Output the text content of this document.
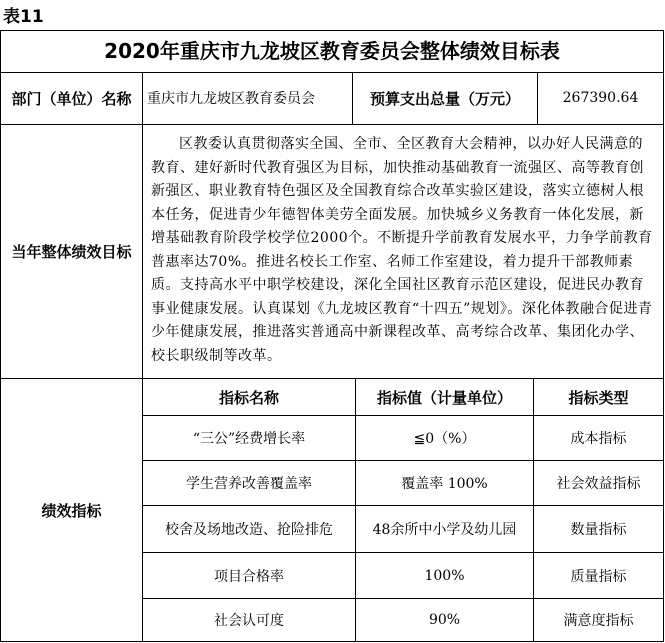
表11
2020年重庆市九龙坡区教育委员会整体绩效目标表
部门（单位）名称	重庆市九龙坡区教育委员会	预算支出总量（万元）	267390.64
当年整体绩效目标
区教委认真贯彻落实全国、全市、全区教育大会精神，以办好人民满意的教育、建好新时代教育强区为目标，加快推动基础教育一流强区、高等教育创新强区、职业教育特色强区及全国教育综合改革实验区建设，落实立德树人根本任务，促进青少年德智体美劳全面发展。加快城乡义务教育一体化发展，新增基础教育阶段学校学位2000个。不断提升学前教育发展水平，力争学前教育普惠率达70%。推进名校长工作室、名师工作室建设，着力提升干部教师素质。支持高水平中职学校建设，深化全国社区教育示范区建设，促进民办教育事业健康发展。认真谋划《九龙坡区教育“十四五”规划》。深化体教融合促进青少年健康发展，推进落实普通高中新课程改革、高考综合改革、集团化办学、校长职级制等改革。
绩效指标
指标名称	指标值（计量单位）	指标类型
“三公”经费增长率	≦0（%）	成本指标
学生营养改善覆盖率	覆盖率 100%	社会效益指标
校舍及场地改造、抢险排危	48余所中小学及幼儿园	数量指标
项目合格率	100%	质量指标
社会认可度	90%	满意度指标
